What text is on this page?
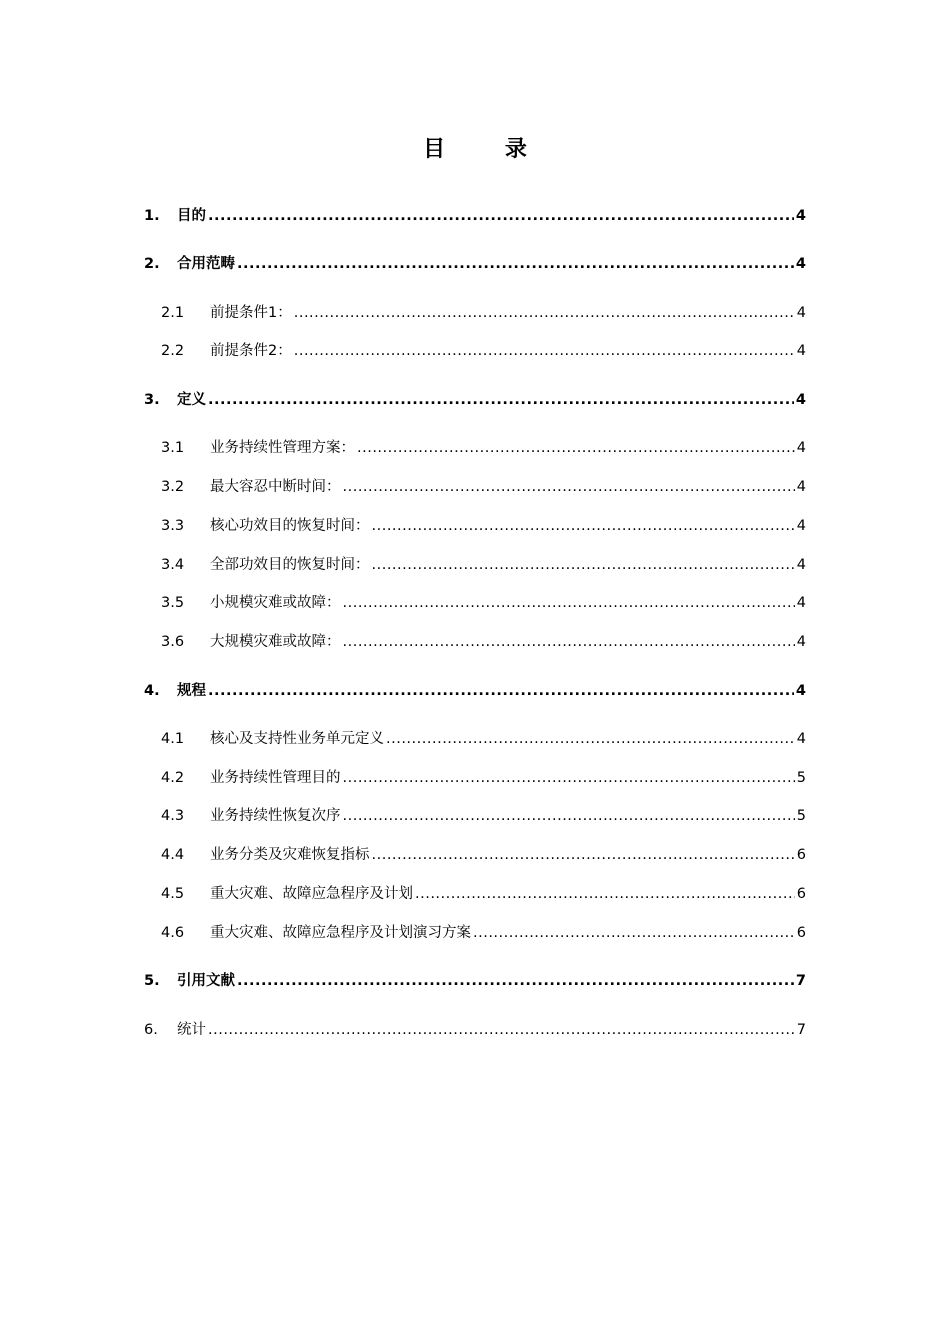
目 录
1.	目的 .....	4
2.	合用范畴 .....	4
2.1	前提条件1： .....	4
2.2	前提条件2： .....	4
3.	定义 .....	4
3.1	业务持续性管理方案： .....	4
3.2	最大容忍中断时间： .....	4
3.3	核心功效目的恢复时间： .....	4
3.4	全部功效目的恢复时间： .....	4
3.5	小规模灾难或故障： .....	4
3.6	大规模灾难或故障： .....	4
4.	规程 .....	4
4.1	核心及支持性业务单元定义 .....	4
4.2	业务持续性管理目的 .....	5
4.3	业务持续性恢复次序 .....	5
4.4	业务分类及灾难恢复指标 .....	6
4.5	重大灾难、故障应急程序及计划 .....	6
4.6	重大灾难、故障应急程序及计划演习方案 .....	6
5.	引用文献 .....	7
6.	统计 .....	7
